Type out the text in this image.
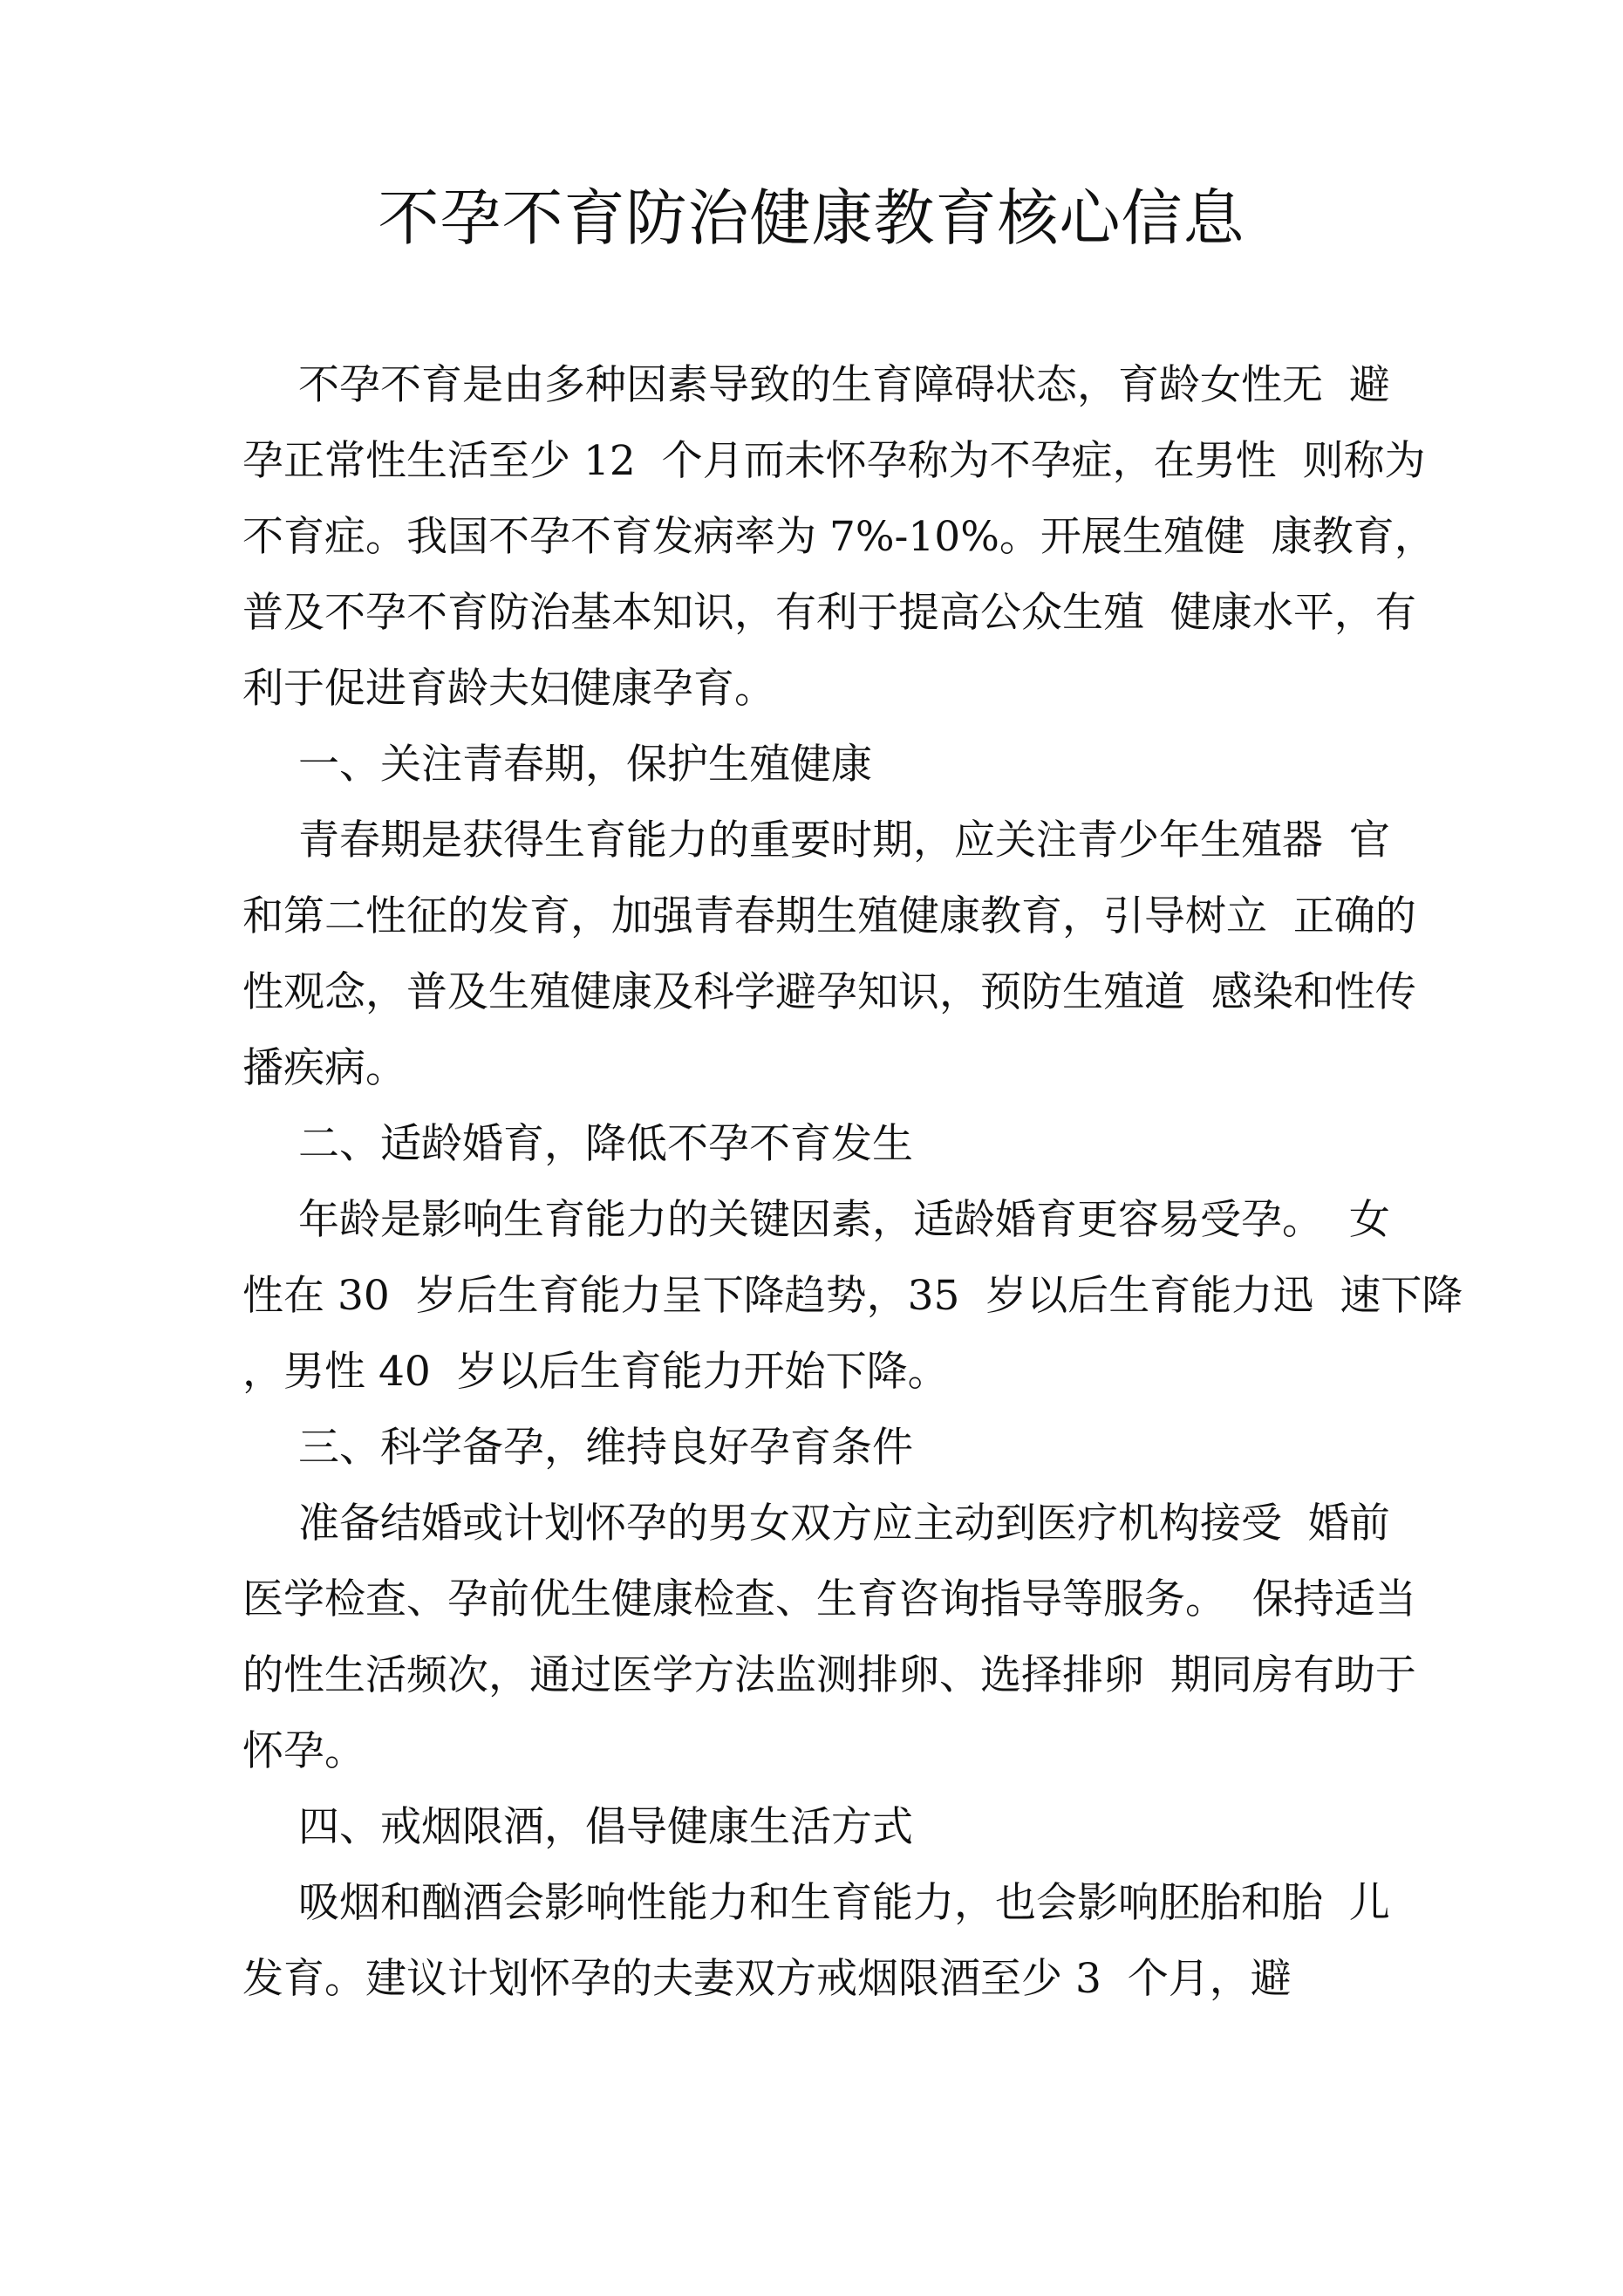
不孕不育防治健康教育核心信息
不孕不育是由多种因素导致的生育障碍状态，育龄女性无  避
孕正常性生活至少 12  个月而未怀孕称为不孕症，在男性  则称为
不育症。我国不孕不育发病率为 7%-10%。开展生殖健  康教育，
普及不孕不育防治基本知识，有利于提高公众生殖  健康水平，有
利于促进育龄夫妇健康孕育。
一、关注青春期，保护生殖健康
青春期是获得生育能力的重要时期，应关注青少年生殖器  官
和第二性征的发育，加强青春期生殖健康教育，引导树立  正确的
性观念，普及生殖健康及科学避孕知识，预防生殖道  感染和性传
播疾病。
二、适龄婚育，降低不孕不育发生
年龄是影响生育能力的关键因素，适龄婚育更容易受孕。  女
性在 30  岁后生育能力呈下降趋势，35  岁以后生育能力迅  速下降
，男性 40  岁以后生育能力开始下降。
三、科学备孕，维持良好孕育条件
准备结婚或计划怀孕的男女双方应主动到医疗机构接受  婚前
医学检查、孕前优生健康检查、生育咨询指导等服务。  保持适当
的性生活频次，通过医学方法监测排卵、选择排卵  期同房有助于
怀孕。
四、戒烟限酒，倡导健康生活方式
吸烟和酗酒会影响性能力和生育能力，也会影响胚胎和胎  儿
发育。建议计划怀孕的夫妻双方戒烟限酒至少 3  个月，避
